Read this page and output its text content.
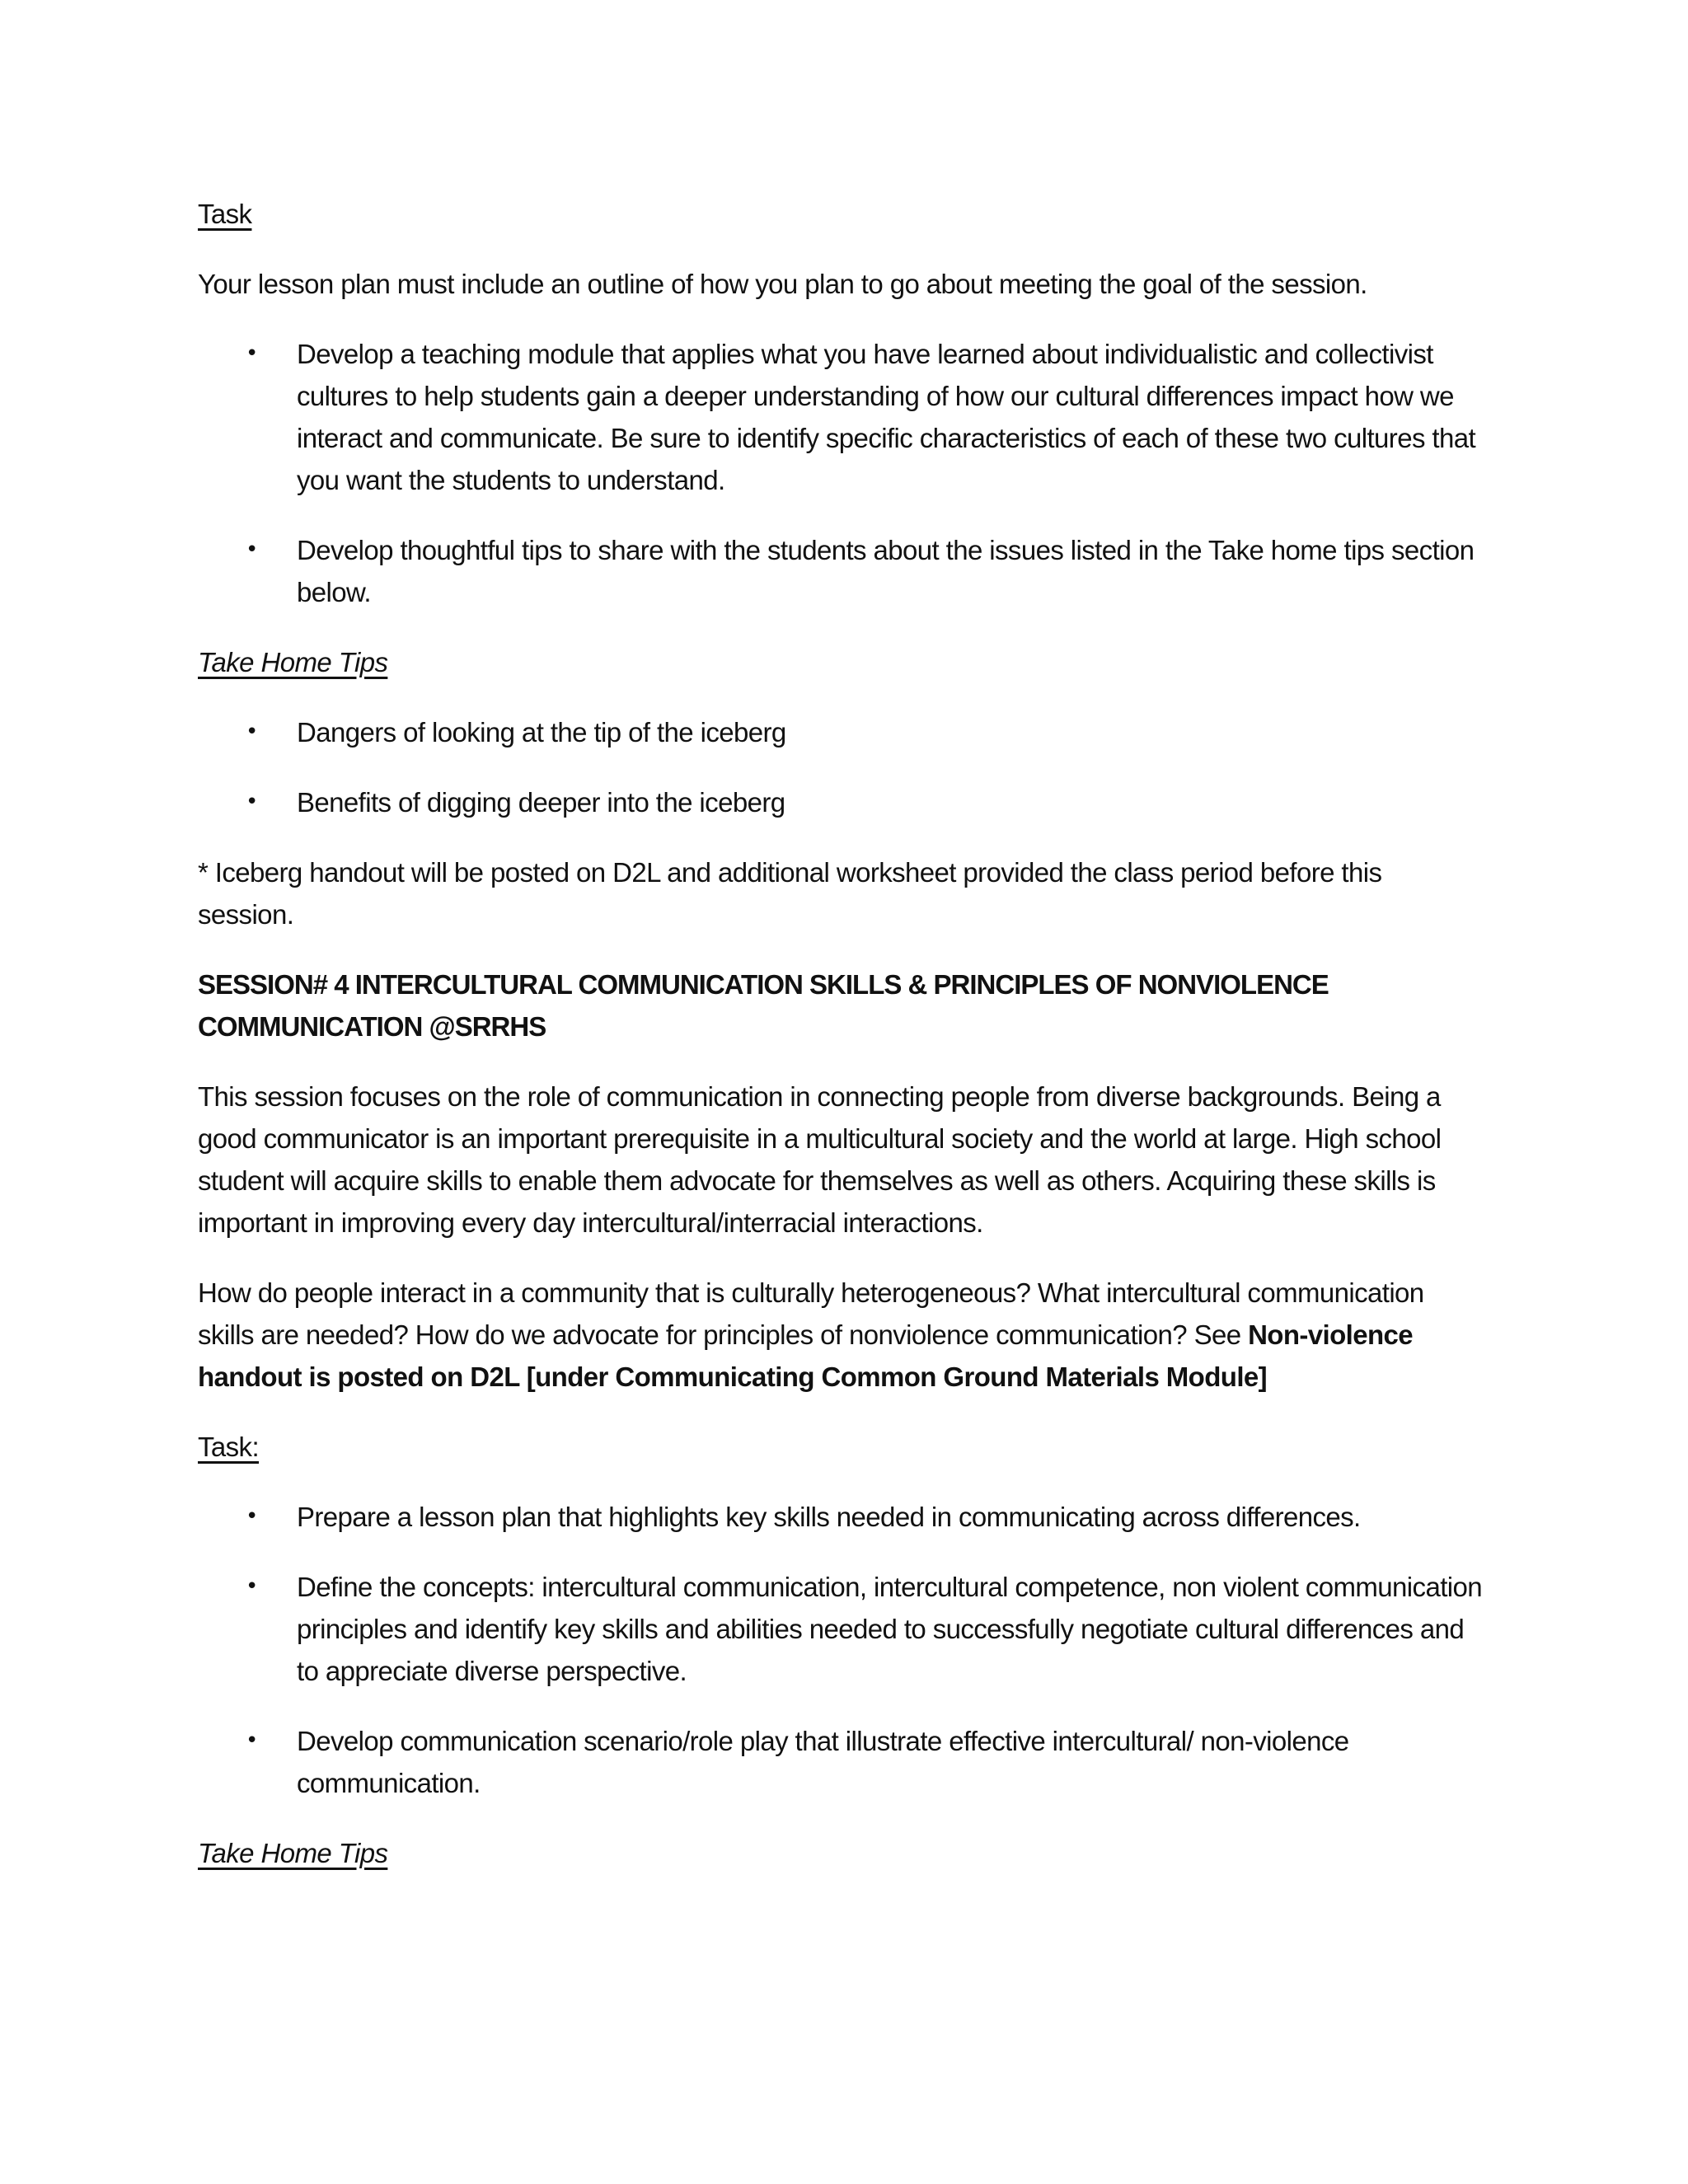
Task

Your lesson plan must include an outline of how you plan to go about meeting the goal of the session.

• Develop a teaching module that applies what you have learned about individualistic and collectivist cultures to help students gain a deeper understanding of how our cultural differences impact how we interact and communicate. Be sure to identify specific characteristics of each of these two cultures that you want the students to understand.
• Develop thoughtful tips to share with the students about the issues listed in the Take home tips section below.

Take Home Tips

• Dangers of looking at the tip of the iceberg
• Benefits of digging deeper into the iceberg

* Iceberg handout will be posted on D2L and additional worksheet provided the class period before this session.

SESSION# 4 INTERCULTURAL COMMUNICATION SKILLS & PRINCIPLES OF NONVIOLENCE COMMUNICATION @SRRHS

This session focuses on the role of communication in connecting people from diverse backgrounds. Being a good communicator is an important prerequisite in a multicultural society and the world at large. High school student will acquire skills to enable them advocate for themselves as well as others. Acquiring these skills is important in improving every day intercultural/interracial interactions.

How do people interact in a community that is culturally heterogeneous? What intercultural communication skills are needed? How do we advocate for principles of nonviolence communication? See Non-violence handout is posted on D2L [under Communicating Common Ground Materials Module]

Task:

• Prepare a lesson plan that highlights key skills needed in communicating across differences.
• Define the concepts: intercultural communication, intercultural competence, non violent communication principles and identify key skills and abilities needed to successfully negotiate cultural differences and to appreciate diverse perspective.
• Develop communication scenario/role play that illustrate effective intercultural/ non-violence communication.

Take Home Tips
